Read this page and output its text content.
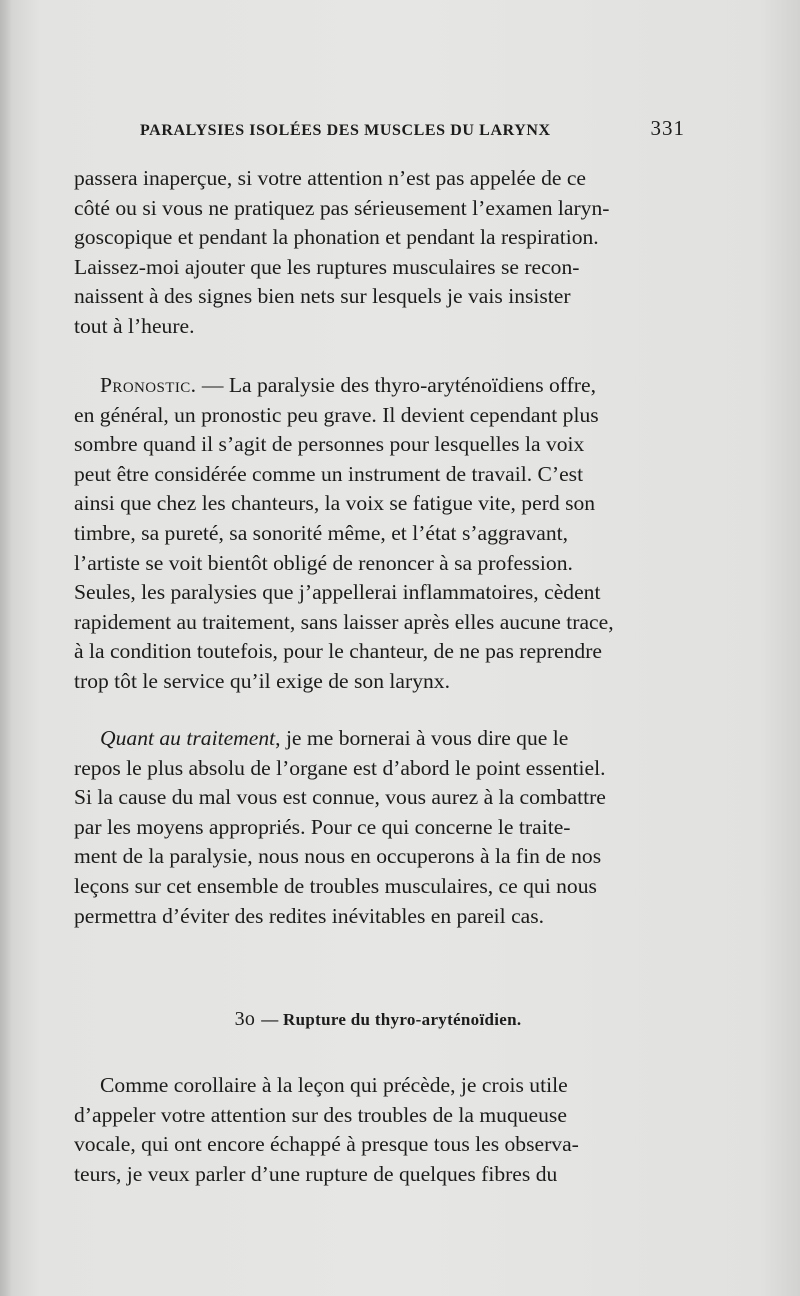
PARALYSIES ISOLÉES DES MUSCLES DU LARYNX	331

passera inaperçue, si votre attention n’est pas appelée de ce

côté ou si vous ne pratiquez pas sérieusement l’examen laryn-

goscopique et pendant la phonation et pendant la respiration.

Laissez-moi ajouter que les ruptures musculaires se recon-

naissent à des signes bien nets sur lesquels je vais insister

tout à l’heure.

Pronostic. — La paralysie des thyro-aryténoïdiens offre,

en général, un pronostic peu grave. Il devient cependant plus

sombre quand il s’agit de personnes pour lesquelles la voix

peut être considérée comme un instrument de travail. C’est

ainsi que chez les chanteurs, la voix se fatigue vite, perd son

timbre, sa pureté, sa sonorité même, et l’état s’aggravant,

l’artiste se voit bientôt obligé de renoncer à sa profession.

Seules, les paralysies que j’appellerai inflammatoires, cèdent

rapidement au traitement, sans laisser après elles aucune trace,

à la condition toutefois, pour le chanteur, de ne pas reprendre

trop tôt le service qu’il exige de son larynx.

Quant au traitement, je me bornerai à vous dire que le

repos le plus absolu de l’organe est d’abord le point essentiel.

Si la cause du mal vous est connue, vous aurez à la combattre

par les moyens appropriés. Pour ce qui concerne le traite-

ment de la paralysie, nous nous en occuperons à la fin de nos

leçons sur cet ensemble de troubles musculaires, ce qui nous

permettra d’éviter des redites inévitables en pareil cas.

3o — Rupture du thyro-aryténoïdien.

Comme corollaire à la leçon qui précède, je crois utile

d’appeler votre attention sur des troubles de la muqueuse

vocale, qui ont encore échappé à presque tous les observa-

teurs, je veux parler d’une rupture de quelques fibres du
